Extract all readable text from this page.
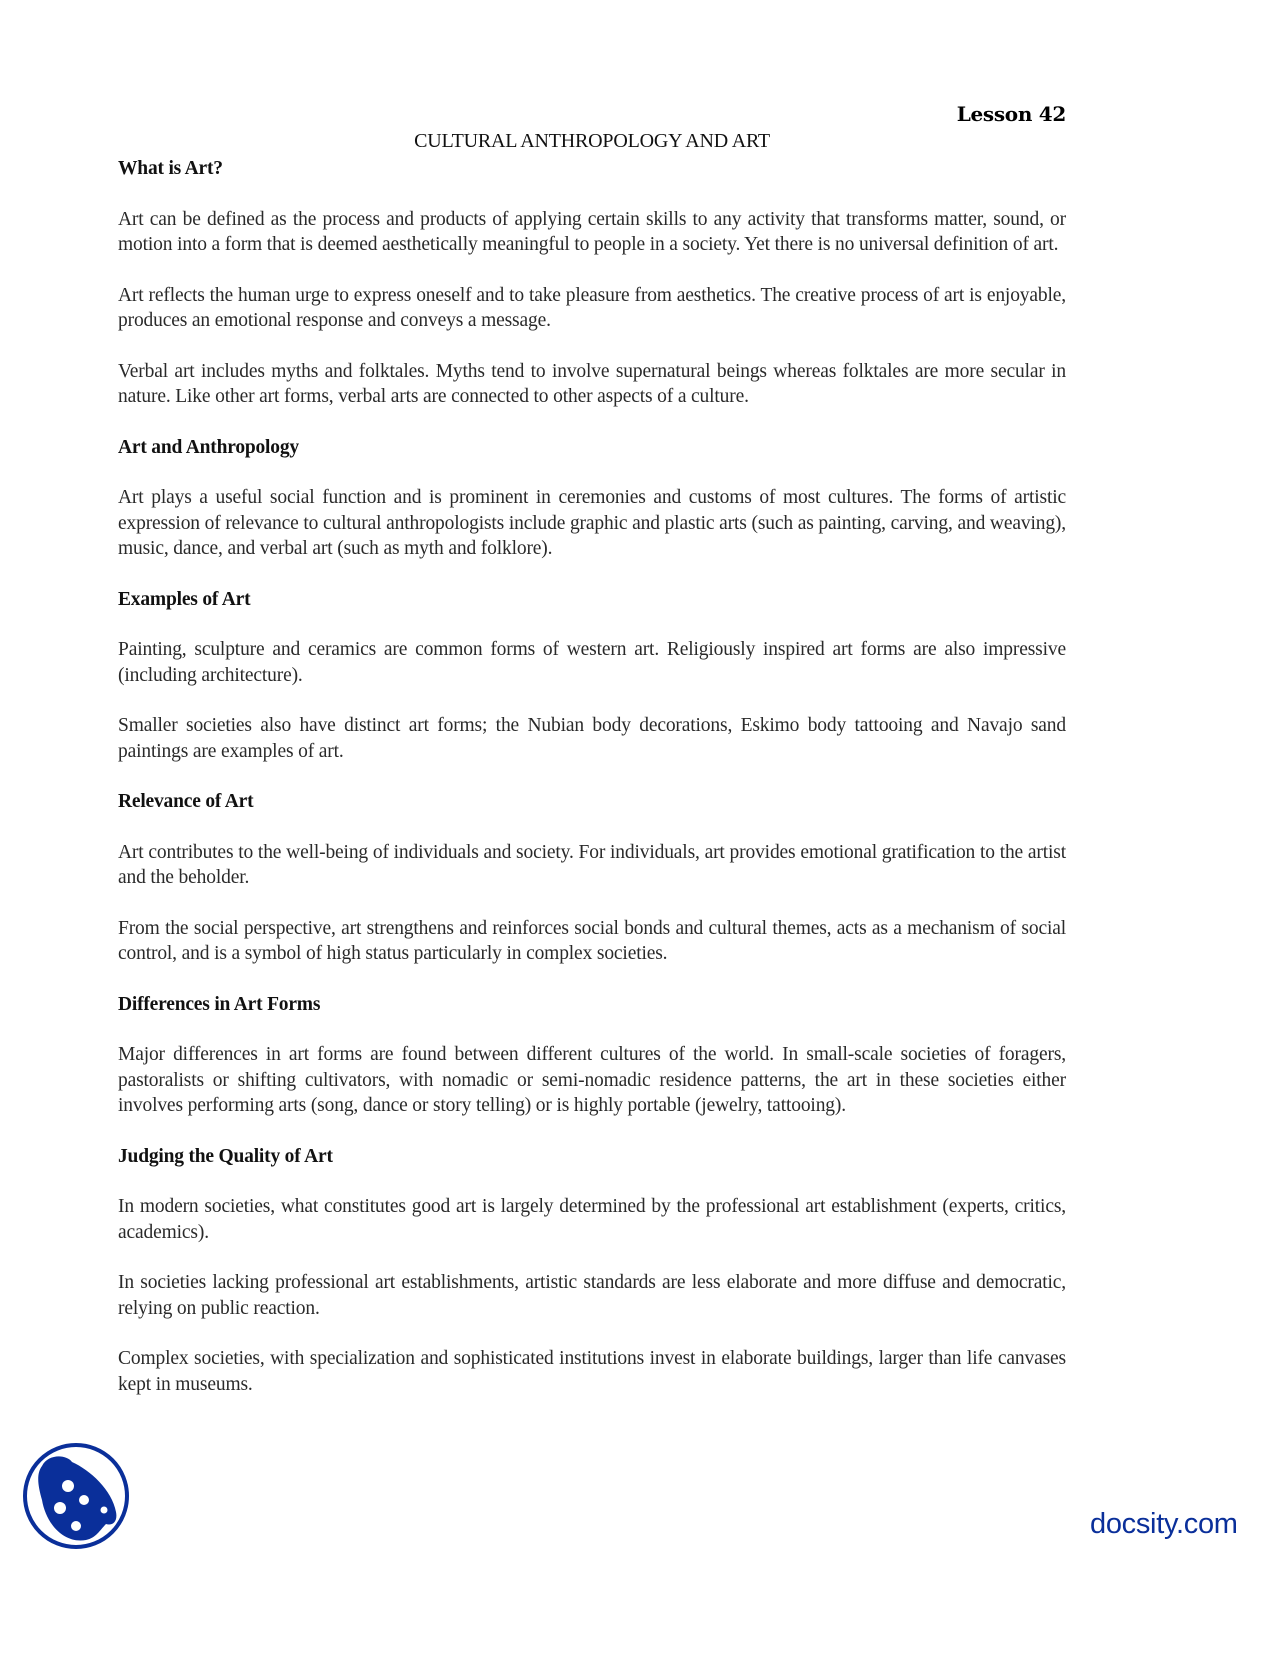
Lesson 42
CULTURAL ANTHROPOLOGY AND ART
What is Art?

Art can be defined as the process and products of applying certain skills to any activity that transforms matter, sound, or motion into a form that is deemed aesthetically meaningful to people in a society. Yet there is no universal definition of art.

Art reflects the human urge to express oneself and to take pleasure from aesthetics. The creative process of art is enjoyable, produces an emotional response and conveys a message.

Verbal art includes myths and folktales. Myths tend to involve supernatural beings whereas folktales are more secular in nature. Like other art forms, verbal arts are connected to other aspects of a culture.

Art and Anthropology

Art plays a useful social function and is prominent in ceremonies and customs of most cultures. The forms of artistic expression of relevance to cultural anthropologists include graphic and plastic arts (such as painting, carving, and weaving), music, dance, and verbal art (such as myth and folklore).

Examples of Art

Painting, sculpture and ceramics are common forms of western art. Religiously inspired art forms are also impressive (including architecture).

Smaller societies also have distinct art forms; the Nubian body decorations, Eskimo body tattooing and Navajo sand paintings are examples of art.

Relevance of Art

Art contributes to the well-being of individuals and society. For individuals, art provides emotional gratification to the artist and the beholder.

From the social perspective, art strengthens and reinforces social bonds and cultural themes, acts as a mechanism of social control, and is a symbol of high status particularly in complex societies.

Differences in Art Forms

Major differences in art forms are found between different cultures of the world. In small-scale societies of foragers, pastoralists or shifting cultivators, with nomadic or semi-nomadic residence patterns, the art in these societies either involves performing arts (song, dance or story telling) or is highly portable (jewelry, tattooing).

Judging the Quality of Art

In modern societies, what constitutes good art is largely determined by the professional art establishment (experts, critics, academics).

In societies lacking professional art establishments, artistic standards are less elaborate and more diffuse and democratic, relying on public reaction.

Complex societies, with specialization and sophisticated institutions invest in elaborate buildings, larger than life canvases kept in museums.

docsity.com
